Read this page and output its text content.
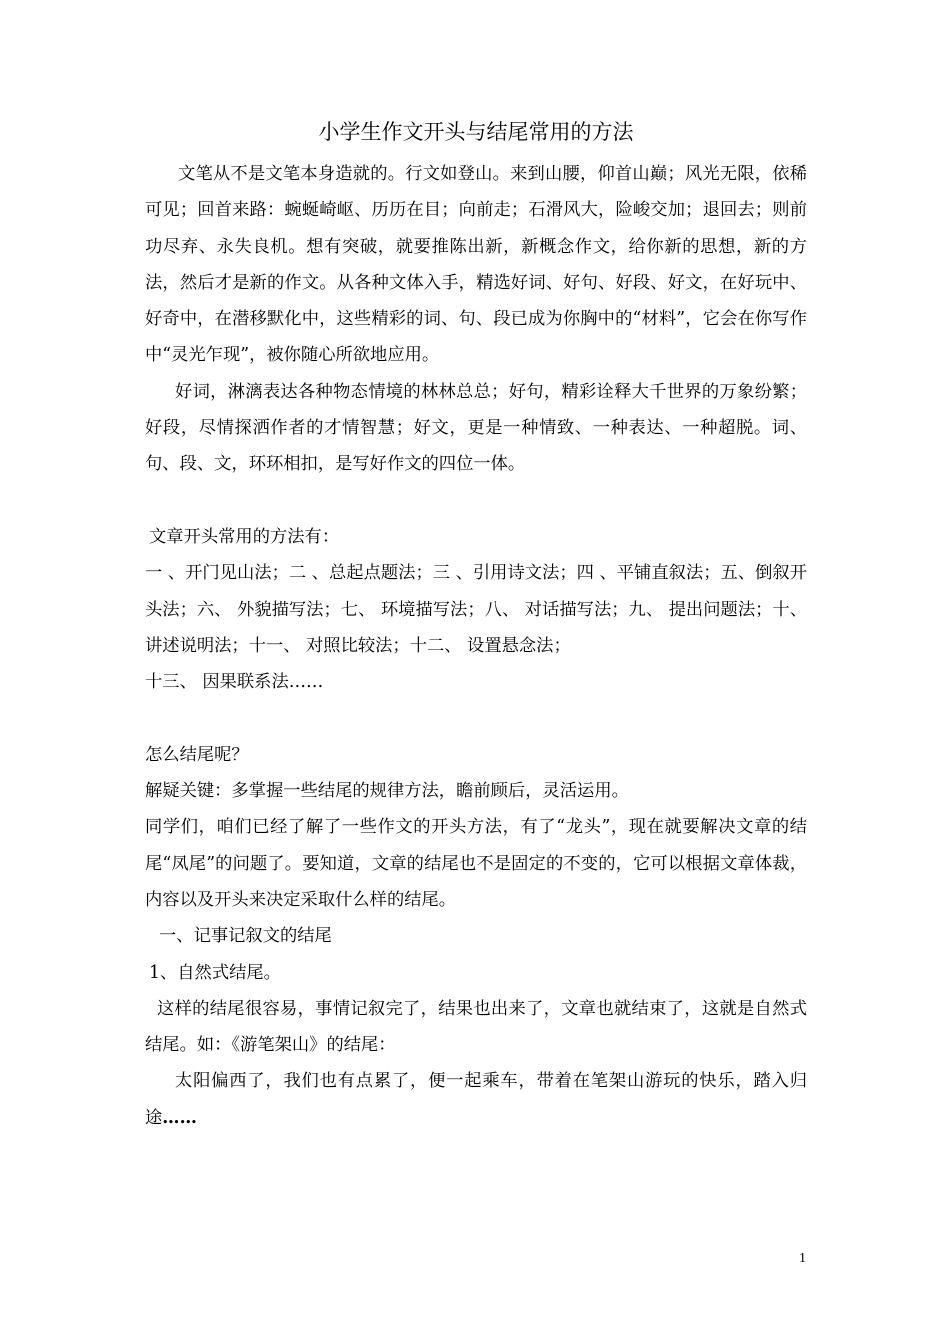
小学生作文开头与结尾常用的方法

文笔从不是文笔本身造就的。行文如登山。来到山腰，仰首山巅；风光无限，依稀可见；回首来路：蜿蜒崎岖、历历在目；向前走；石滑风大，险峻交加；退回去；则前功尽弃、永失良机。想有突破，就要推陈出新，新概念作文，给你新的思想，新的方法，然后才是新的作文。从各种文体入手，精选好词、好句、好段、好文，在好玩中、好奇中，在潜移默化中，这些精彩的词、句、段已成为你胸中的“材料”，它会在你写作中“灵光乍现”，被你随心所欲地应用。

好词，淋漓表达各种物态情境的林林总总；好句，精彩诠释大千世界的万象纷繁；好段，尽情探洒作者的才情智慧；好文，更是一种情致、一种表达、一种超脱。词、句、段、文，环环相扣，是写好作文的四位一体。

文章开头常用的方法有：

一 、开门见山法；二 、总起点题法；三 、引用诗文法；四 、平铺直叙法；五、倒叙开头法；六、 外貌描写法；七、 环境描写法；八、 对话描写法；九、 提出问题法；十、 讲述说明法；十一、 对照比较法；十二、 设置悬念法；

十三、 因果联系法……

怎么结尾呢？

解疑关键：多掌握一些结尾的规律方法，瞻前顾后，灵活运用。

同学们，咱们已经了解了一些作文的开头方法，有了“龙头”，现在就要解决文章的结尾“凤尾”的问题了。要知道，文章的结尾也不是固定的不变的，它可以根据文章体裁，内容以及开头来决定采取什么样的结尾。

一、记事记叙文的结尾

1、自然式结尾。

这样的结尾很容易，事情记叙完了，结果也出来了，文章也就结束了，这就是自然式结尾。如：《游笔架山》的结尾：

太阳偏西了，我们也有点累了，便一起乘车，带着在笔架山游玩的快乐，踏入归途……

1
